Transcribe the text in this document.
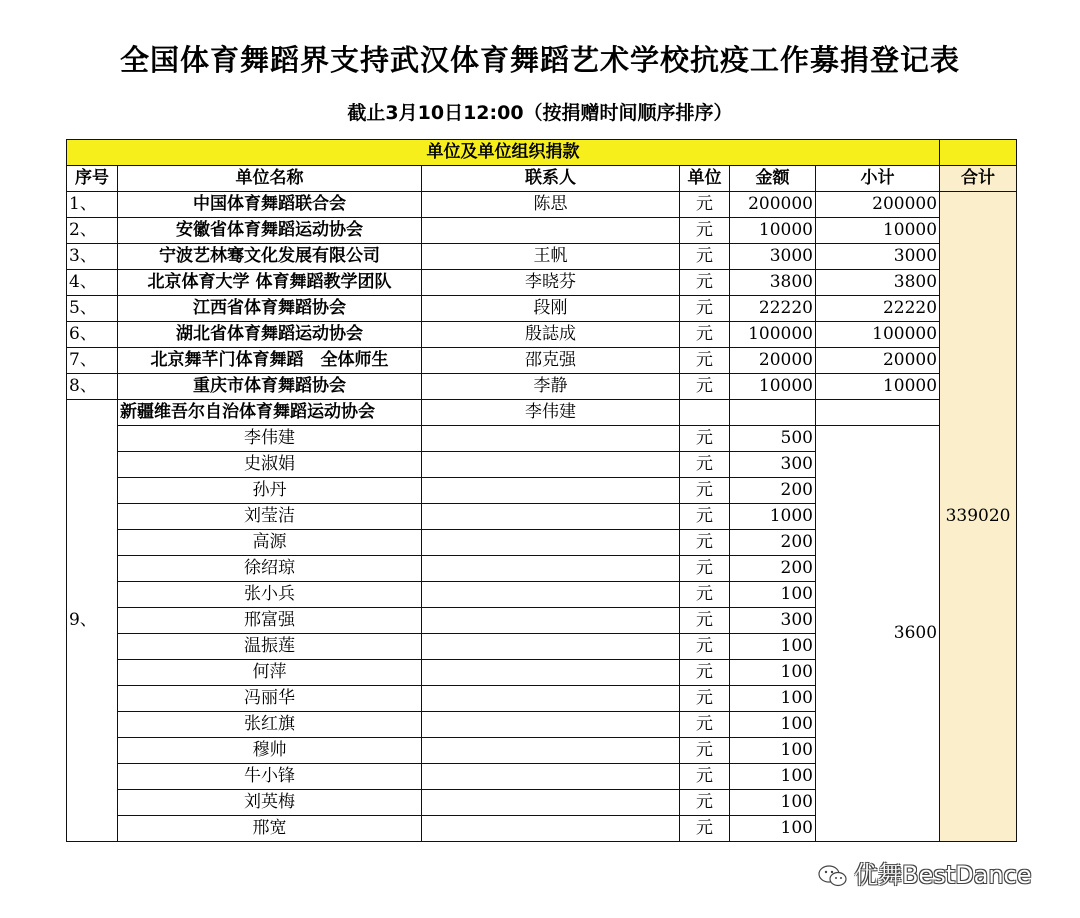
全国体育舞蹈界支持武汉体育舞蹈艺术学校抗疫工作募捐登记表
截止3月10日12:00（按捐赠时间顺序排序）
单位及单位组织捐款						
序号	单位名称	联系人	单位	金额	小计	合计
1、	中国体育舞蹈联合会	陈思	元	200000	200000	339020
2、	安徽省体育舞蹈运动协会		元	10000	10000	
3、	宁波艺林骞文化发展有限公司	王帆	元	3000	3000	
4、	北京体育大学 体育舞蹈教学团队	李晓芬	元	3800	3800	
5、	江西省体育舞蹈协会	段刚	元	22220	22220	
6、	湖北省体育舞蹈运动协会	殷誌成	元	100000	100000	
7、	北京舞芊门体育舞蹈　全体师生	邵克强	元	20000	20000	
8、	重庆市体育舞蹈协会	李静	元	10000	10000	
9、	新疆维吾尔自治体育舞蹈运动协会	李伟建				
	李伟建		元	500	3600	
	史淑娟		元	300		
	孙丹		元	200		
	刘莹洁		元	1000		
	高源		元	200		
	徐绍琼		元	200		
	张小兵		元	100		
	邢富强		元	300		
	温振莲		元	100		
	何萍		元	100		
	冯丽华		元	100		
	张红旗		元	100		
	穆帅		元	100		
	牛小锋		元	100		
	刘英梅		元	100		
	邢宽		元	100		
优舞BestDance
